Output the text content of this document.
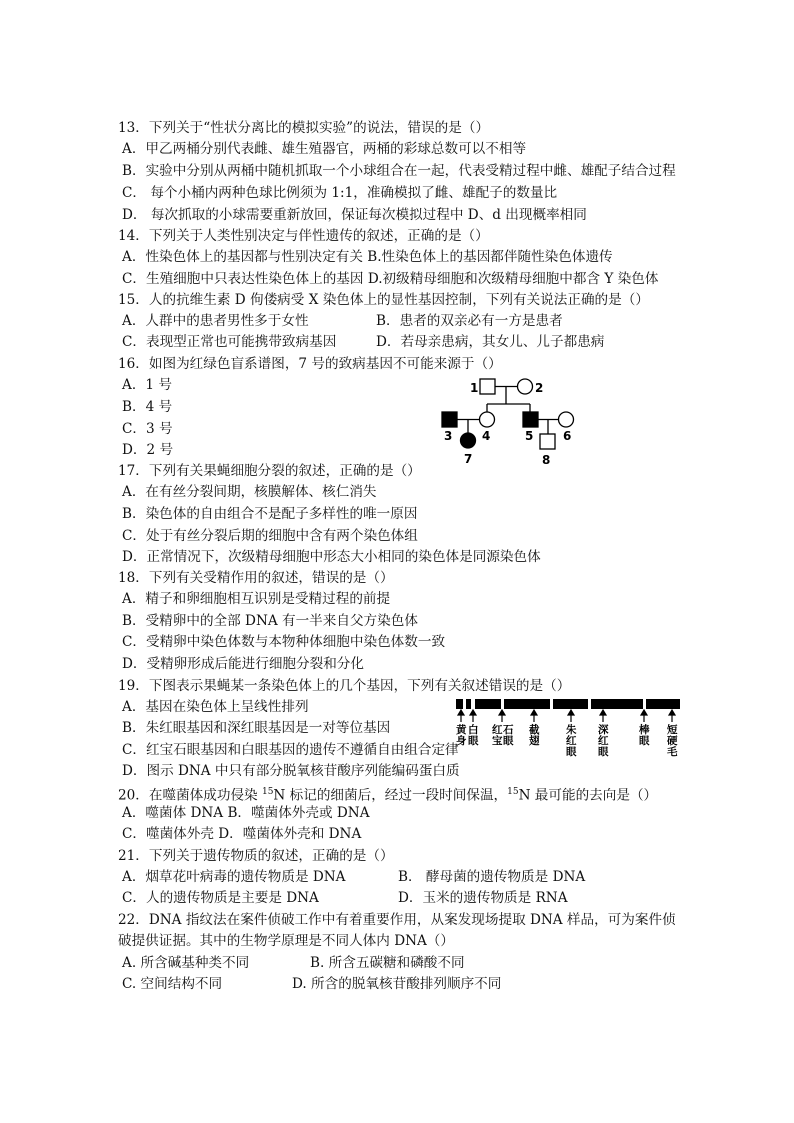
13．下列关于“性状分离比的模拟实验”的说法，错误的是（）
A．甲乙两桶分别代表雌、雄生殖器官，两桶的彩球总数可以不相等
B．实验中分别从两桶中随机抓取一个小球组合在一起，代表受精过程中雌、雄配子结合过程
C． 每个小桶内两种色球比例须为 1:1，准确模拟了雌、雄配子的数量比
D． 每次抓取的小球需要重新放回，保证每次模拟过程中 D、d 出现概率相同
14．下列关于人类性别决定与伴性遗传的叙述，正确的是（）
A．性染色体上的基因都与性别决定有关 B.性染色体上的基因都伴随性染色体遗传
C．生殖细胞中只表达性染色体上的基因 D.初级精母细胞和次级精母细胞中都含 Y 染色体
15．人的抗维生素 D 佝偻病受 X 染色体上的显性基因控制，下列有关说法正确的是（）
A．人群中的患者男性多于女性	B．患者的双亲必有一方是患者
C．表现型正常也可能携带致病基因	D．若母亲患病，其女儿、儿子都患病
16．如图为红绿色盲系谱图，7 号的致病基因不可能来源于（）
A．1 号
B．4 号
C．3 号
D．2 号
1	2
3 4	5 6
7	8
17．下列有关果蝇细胞分裂的叙述，正确的是（）
A．在有丝分裂间期，核膜解体、核仁消失
B．染色体的自由组合不是配子多样性的唯一原因
C．处于有丝分裂后期的细胞中含有两个染色体组
D．正常情况下，次级精母细胞中形态大小相同的染色体是同源染色体
18．下列有关受精作用的叙述，错误的是（）
A．精子和卵细胞相互识别是受精过程的前提
B．受精卵中的全部 DNA 有一半来自父方染色体
C．受精卵中染色体数与本物种体细胞中染色体数一致
D．受精卵形成后能进行细胞分裂和分化
19．下图表示果蝇某一条染色体上的几个基因，下列有关叙述错误的是（）
A．基因在染色体上呈线性排列
B．朱红眼基因和深红眼基因是一对等位基因
C．红宝石眼基因和白眼基因的遗传不遵循自由组合定律
D．图示 DNA 中只有部分脱氧核苷酸序列能编码蛋白质
黄
身
白
眼
红
宝
石
眼
截
翅
朱
红
眼
深
红
眼
棒
眼
短
硬
毛
20．在噬菌体成功侵染 $^{15}$N 标记的细菌后，经过一段时间保温，$^{15}$N 最可能的去向是（）
A．噬菌体 DNA B．噬菌体外壳或 DNA
C．噬菌体外壳 D．噬菌体外壳和 DNA
21．下列关于遗传物质的叙述，正确的是（）
A．烟草花叶病毒的遗传物质是 DNA	B． 酵母菌的遗传物质是 DNA
C．人的遗传物质是主要是 DNA	D．玉米的遗传物质是 RNA
22．DNA 指纹法在案件侦破工作中有着重要作用，从案发现场提取 DNA 样品，可为案件侦
破提供证据。其中的生物学原理是不同人体内 DNA（）
A. 所含碱基种类不同	B. 所含五碳糖和磷酸不同
C. 空间结构不同	D. 所含的脱氧核苷酸排列顺序不同
